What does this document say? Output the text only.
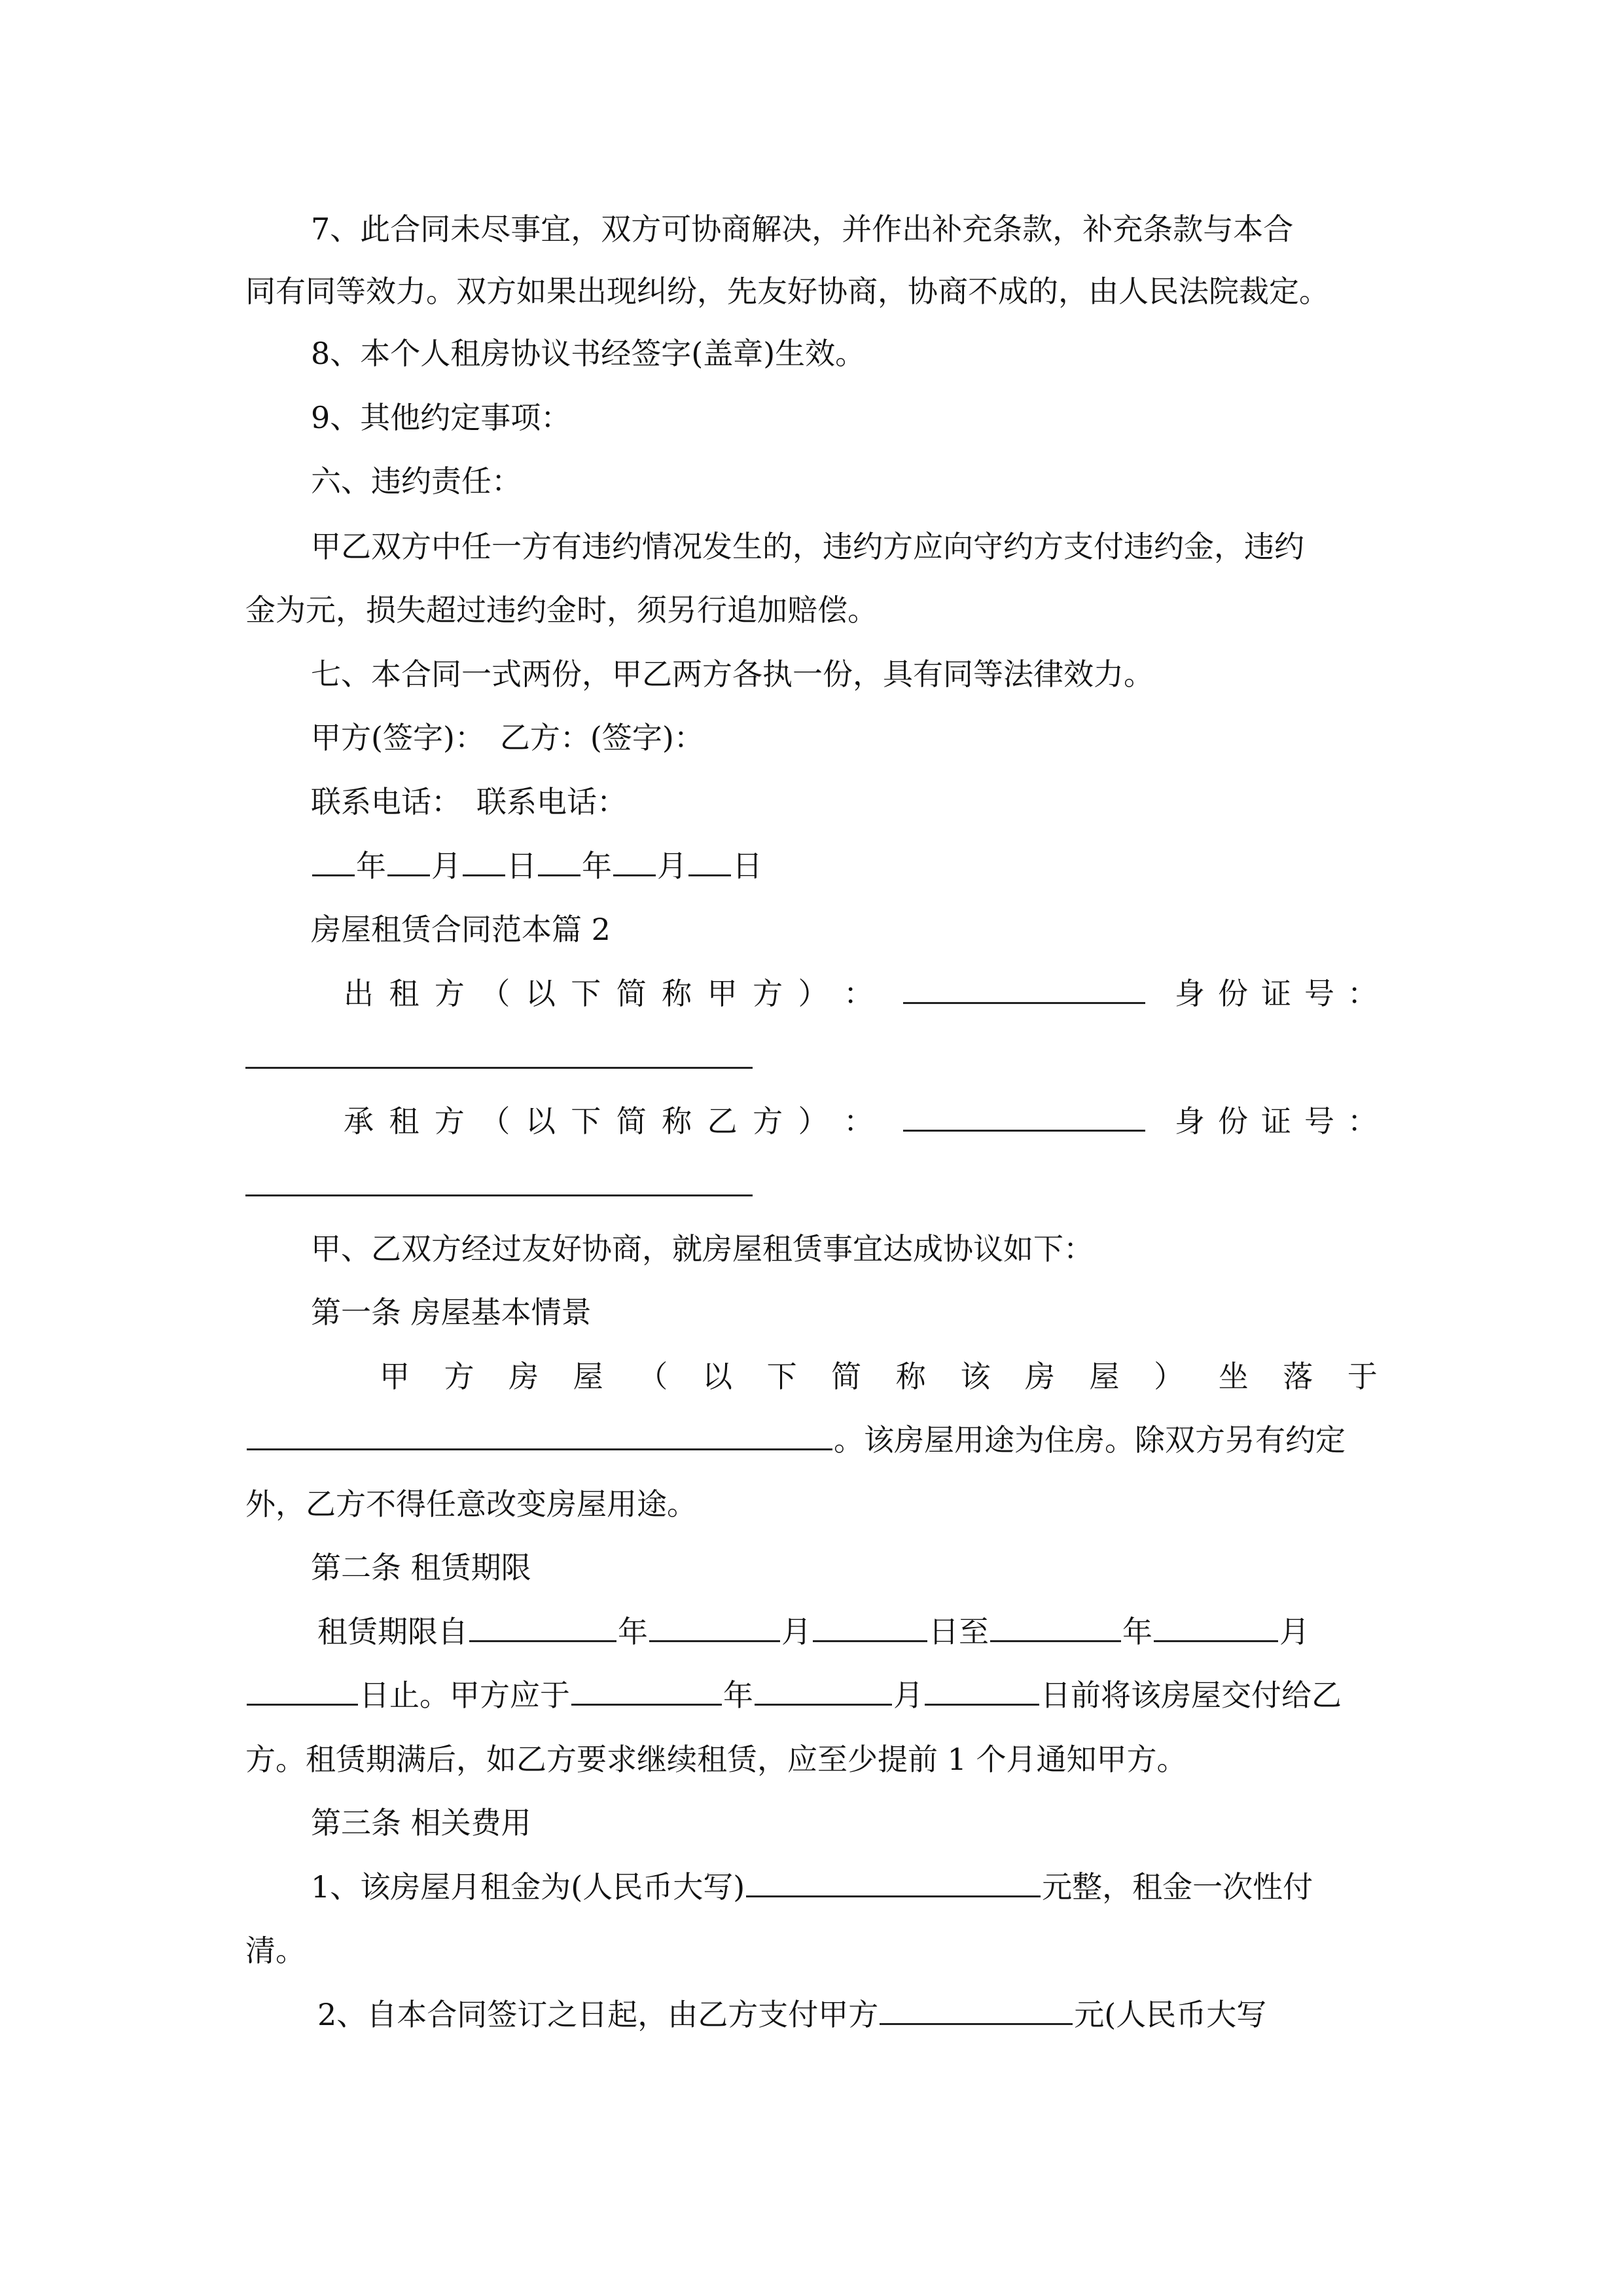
7、此合同未尽事宜，双方可协商解决，并作出补充条款，补充条款与本合
同有同等效力。双方如果出现纠纷，先友好协商，协商不成的，由人民法院裁定。
8、本个人租房协议书经签字(盖章)生效。
9、其他约定事项：
六、违约责任：
甲乙双方中任一方有违约情况发生的，违约方应向守约方支付违约金，违约
金为元，损失超过违约金时，须另行追加赔偿。
七、本合同一式两份，甲乙两方各执一份，具有同等法律效力。
甲方(签字)：　乙方：(签字)：
联系电话：　联系电话：
年 月 日 年 月 日
房屋租赁合同范本篇 2
出 租 方 （ 以 下 简 称 甲 方 ） ：	身 份 证 号 ：
承 租 方 （ 以 下 简 称 乙 方 ） ：	身 份 证 号 ：
甲、乙双方经过友好协商，就房屋租赁事宜达成协议如下：
第一条 房屋基本情景
甲 方 房 屋 （ 以 下 简 称 该 房 屋 ） 坐 落 于
。该房屋用途为住房。除双方另有约定
外，乙方不得任意改变房屋用途。
第二条 租赁期限
租赁期限自	年	月	日至	年	月
日止。甲方应于	年	月	日前将该房屋交付给乙
方。租赁期满后，如乙方要求继续租赁，应至少提前 1 个月通知甲方。
第三条 相关费用
1、该房屋月租金为(人民币大写)	元整，租金一次性付
清。
2、自本合同签订之日起，由乙方支付甲方	元(人民币大写
